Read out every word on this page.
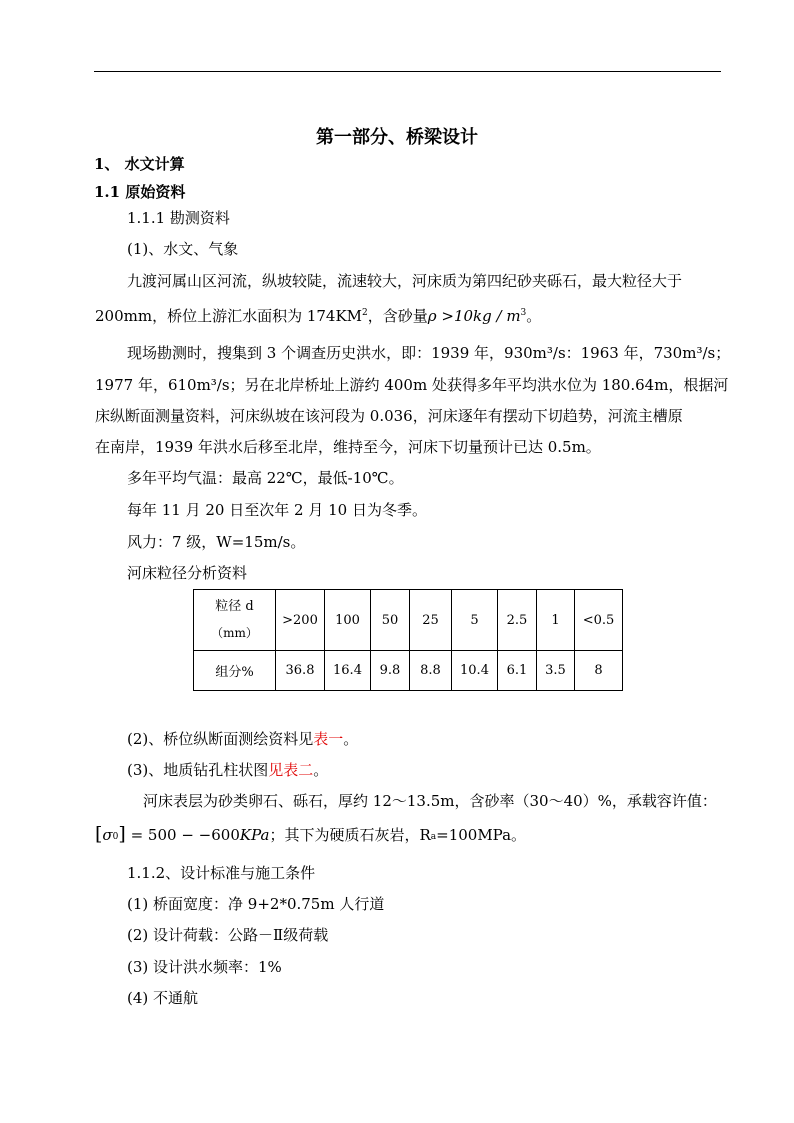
第一部分、桥梁设计
1、 水文计算
1.1 原始资料
1.1.1 勘测资料
(1)、水文、气象
九渡河属山区河流，纵坡较陡，流速较大，河床质为第四纪砂夹砾石，最大粒径大于
200mm，桥位上游汇水面积为 $174KM^2$，含砂量$\rho >10kg / m^3$。
现场勘测时，搜集到 3 个调查历史洪水，即：1939 年，930m³/s：1963 年，730m³/s；
1977 年，610m³/s；另在北岸桥址上游约 400m 处获得多年平均洪水位为 180.64m，根据河
床纵断面测量资料，河床纵坡在该河段为 0.036，河床逐年有摆动下切趋势，河流主槽原
在南岸，1939 年洪水后移至北岸，维持至今，河床下切量预计已达 0.5m。
多年平均气温：最高 22℃，最低-10℃。
每年 11 月 20 日至次年 2 月 10 日为冬季。
风力：7 级，W=15m/s。
河床粒径分析资料
粒径 d
（mm）	>200	100	50	25	5	2.5	1	<0.5
组分%	36.8	16.4	9.8	8.8	10.4	6.1	3.5	8
(2)、桥位纵断面测绘资料见表一。
(3)、地质钻孔柱状图见表二。
河床表层为砂类卵石、砾石，厚约 12～13.5m，含砂率（30～40）%，承载容许值：
$[\sigma_0] = 500 - -600KPa$；其下为硬质石灰岩，$R_a=100MPa$。
1.1.2、设计标准与施工条件
(1) 桥面宽度：净 9+2*0.75m 人行道
(2) 设计荷载：公路－Ⅱ级荷载
(3) 设计洪水频率：1%
(4) 不通航
